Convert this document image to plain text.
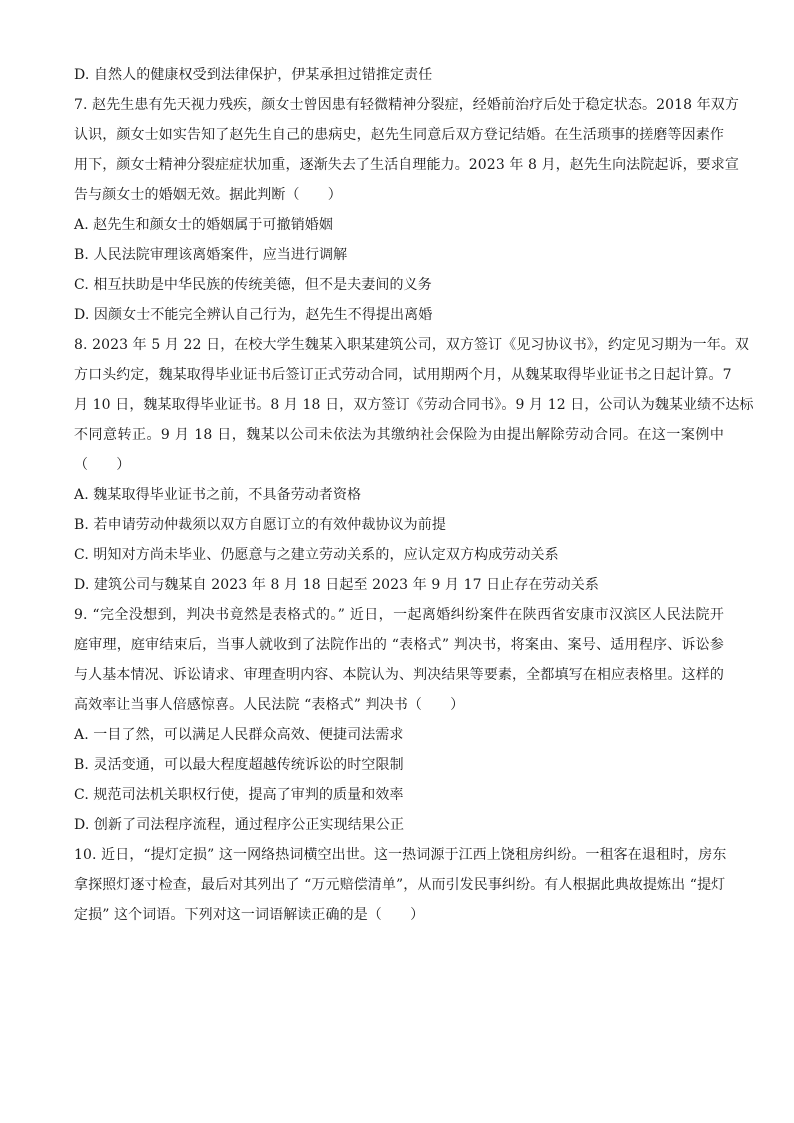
D. 自然人的健康权受到法律保护，伊某承担过错推定责任
7. 赵先生患有先天视力残疾，颜女士曾因患有轻微精神分裂症，经婚前治疗后处于稳定状态。2018 年双方
认识，颜女士如实告知了赵先生自己的患病史，赵先生同意后双方登记结婚。在生活琐事的搓磨等因素作
用下，颜女士精神分裂症症状加重，逐渐失去了生活自理能力。2023 年 8 月，赵先生向法院起诉，要求宣
告与颜女士的婚姻无效。据此判断（　　）
A. 赵先生和颜女士的婚姻属于可撤销婚姻
B. 人民法院审理该离婚案件，应当进行调解
C. 相互扶助是中华民族的传统美德，但不是夫妻间的义务
D. 因颜女士不能完全辨认自己行为，赵先生不得提出离婚
8. 2023 年 5 月 22 日，在校大学生魏某入职某建筑公司，双方签订《见习协议书》，约定见习期为一年。双
方口头约定，魏某取得毕业证书后签订正式劳动合同，试用期两个月，从魏某取得毕业证书之日起计算。7
月 10 日，魏某取得毕业证书。8 月 18 日，双方签订《劳动合同书》。9 月 12 日，公司认为魏某业绩不达标
不同意转正。9 月 18 日，魏某以公司未依法为其缴纳社会保险为由提出解除劳动合同。在这一案例中
（　　）
A. 魏某取得毕业证书之前，不具备劳动者资格
B. 若申请劳动仲裁须以双方自愿订立的有效仲裁协议为前提
C. 明知对方尚未毕业、仍愿意与之建立劳动关系的，应认定双方构成劳动关系
D. 建筑公司与魏某自 2023 年 8 月 18 日起至 2023 年 9 月 17 日止存在劳动关系
9. “完全没想到，判决书竟然是表格式的。” 近日，一起离婚纠纷案件在陕西省安康市汉滨区人民法院开
庭审理，庭审结束后，当事人就收到了法院作出的 “表格式” 判决书，将案由、案号、适用程序、诉讼参
与人基本情况、诉讼请求、审理查明内容、本院认为、判决结果等要素，全都填写在相应表格里。这样的
高效率让当事人倍感惊喜。人民法院 “表格式” 判决书（　　）
A. 一目了然，可以满足人民群众高效、便捷司法需求
B. 灵活变通，可以最大程度超越传统诉讼的时空限制
C. 规范司法机关职权行使，提高了审判的质量和效率
D. 创新了司法程序流程，通过程序公正实现结果公正
10. 近日，“提灯定损” 这一网络热词横空出世。这一热词源于江西上饶租房纠纷。一租客在退租时，房东
拿探照灯逐寸检查，最后对其列出了 “万元赔偿清单”，从而引发民事纠纷。有人根据此典故提炼出 “提灯
定损” 这个词语。下列对这一词语解读正确的是（　　）
